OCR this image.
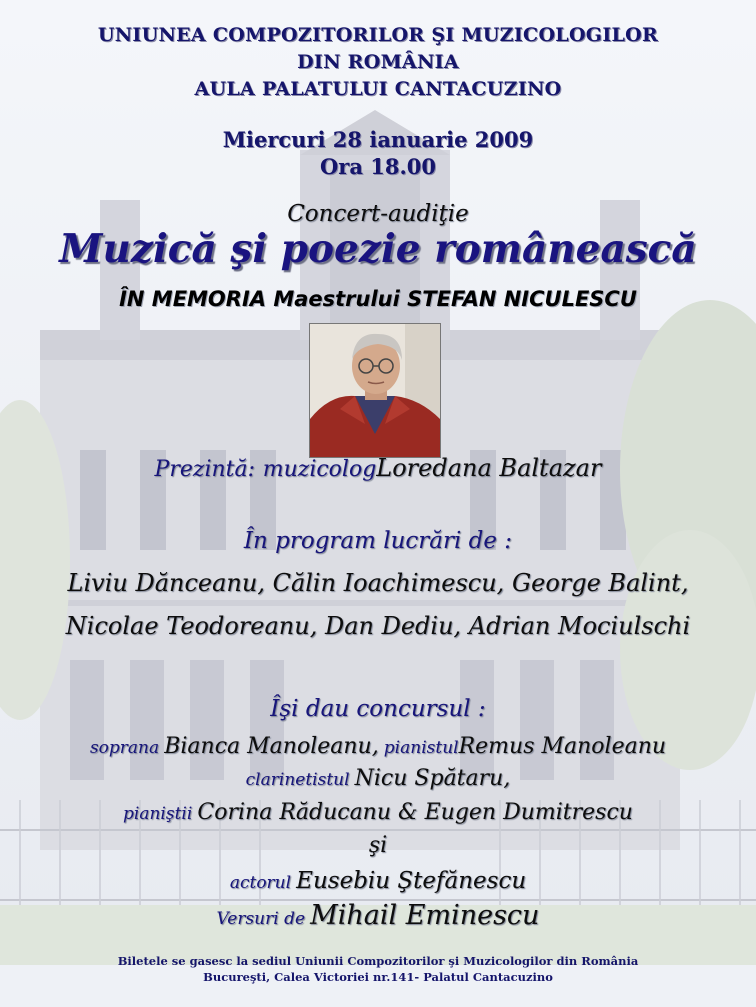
UNIUNEA COMPOZITORILOR ŞI MUZICOLOGILOR
DIN ROMÂNIA
AULA PALATULUI CANTACUZINO
Miercuri 28 ianuarie 2009
Ora 18.00
Concert-audiţie
Muzică şi poezie românească
ÎN MEMORIA Maestrului STEFAN NICULESCU
Prezintă: muzicologLoredana Baltazar
În program lucrări de :
Liviu Dănceanu, Călin Ioachimescu, George Balint,
Nicolae Teodoreanu, Dan Dediu, Adrian Mociulschi
Îşi dau concursul :
soprana Bianca Manoleanu, pianistulRemus Manoleanu
clarinetistul Nicu Spătaru,
pianiştii Corina Răducanu & Eugen Dumitrescu
şi
actorul Eusebiu Ştefănescu
Versuri de Mihail Eminescu
Biletele se gasesc la sediul Uniunii Compozitorilor şi Muzicologilor din România
Bucureşti, Calea Victoriei nr.141- Palatul Cantacuzino
